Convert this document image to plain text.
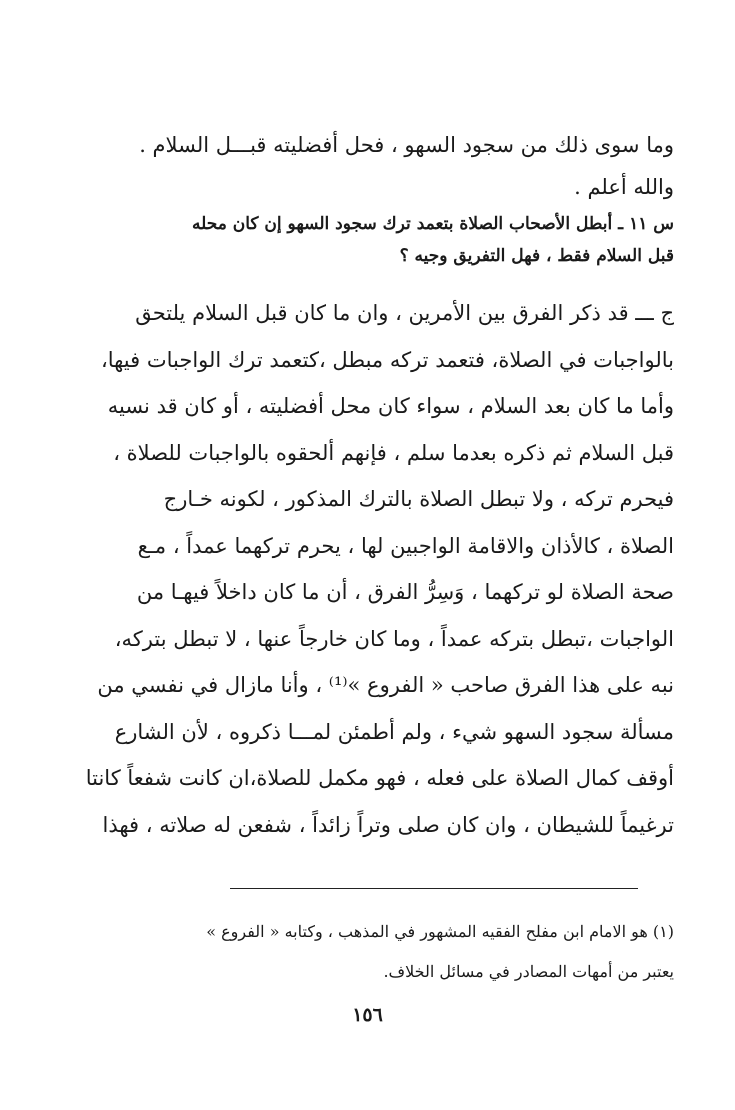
وما سوى ذلك من سجود السهو ، فحل أفضليته قبـــل السلام .
والله أعلم .
س ١١ ـ أبطل الأصحاب الصلاة بتعمد ترك سجود السهو إن كان محله
قبل السلام فقط ، فهل التفريق وجيه ؟
ج ـــ قد ذكر الفرق بين الأمرين ، وان ما كان قبل السلام يلتحق
بالواجبات في الصلاة، فتعمد تركه مبطل ،كتعمد ترك الواجبات فيها،
وأما ما كان بعد السلام ، سواء كان محل أفضليته ، أو كان قد نسيه
قبل السلام ثم ذكره بعدما سلم ، فإنهم ألحقوه بالواجبات للصلاة ،
فيحرم تركه ، ولا تبطل الصلاة بالترك المذكور ، لكونه خـارج
الصلاة ، كالأذان والاقامة الواجبين لها ، يحرم تركهما عمداً ، مـع
صحة الصلاة لو تركهما ، وَسِرُّ الفرق ، أن ما كان داخلاً فيهـا من
الواجبات ،تبطل بتركه عمداً ، وما كان خارجاً عنها ، لا تبطل بتركه،
نبه على هذا الفرق صاحب « الفروع »⁽¹⁾ ، وأنا مازال في نفسي من
مسألة سجود السهو شيء ، ولم أطمئن لمـــا ذكروه ، لأن الشارع
أوقف كمال الصلاة على فعله ، فهو مكمل للصلاة،ان كانت شفعاً كانتا
ترغيماً للشيطان ، وان كان صلى وتراً زائداً ، شفعن له صلاته ، فهذا
(١) هو الامام ابن مفلح الفقيه المشهور في المذهب ، وكتابه « الفروع »
يعتبر من أمهات المصادر في مسائل الخلاف.
١٥٦
